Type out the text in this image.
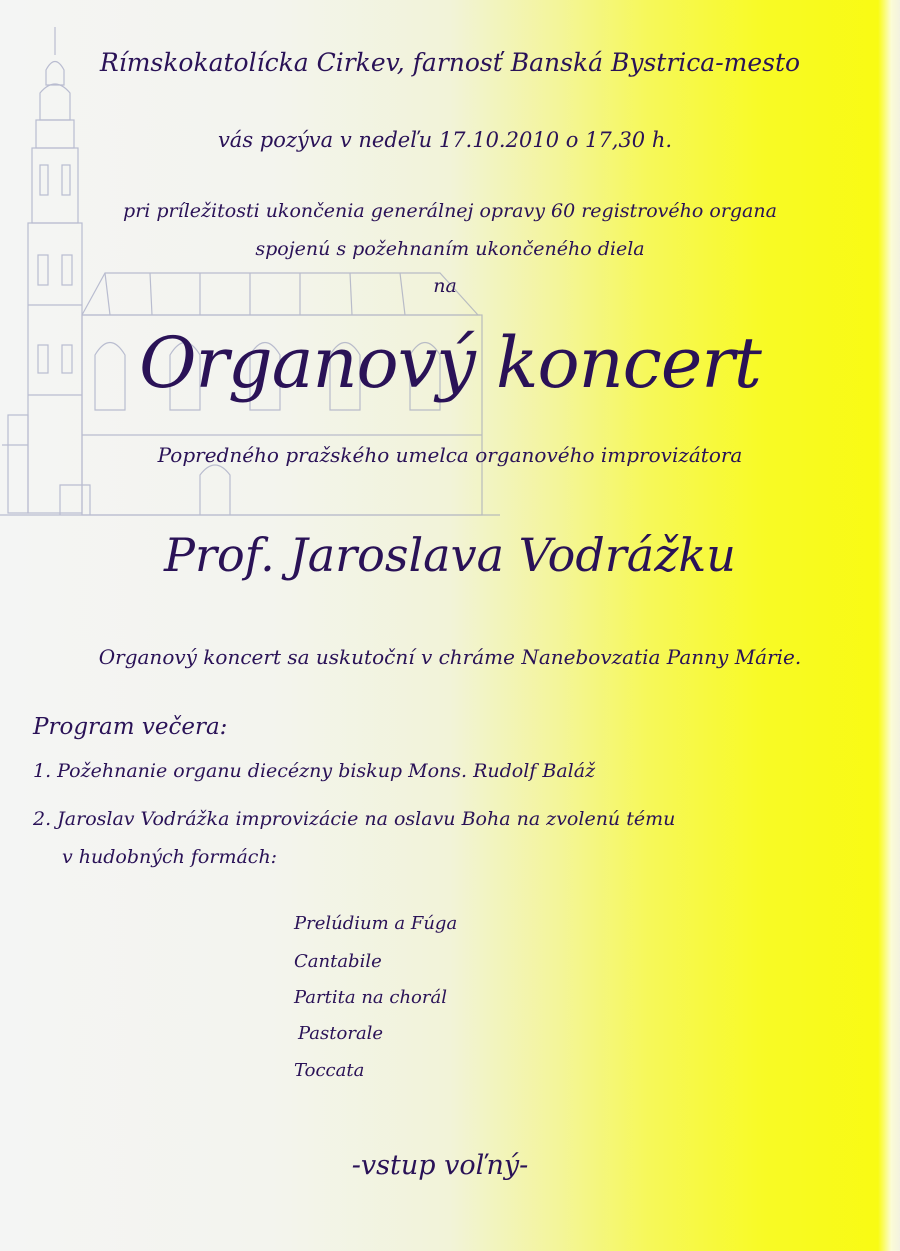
Rímskokatolícka Cirkev, farnosť Banská Bystrica-mesto

vás pozýva v nedeľu 17.10.2010 o 17,30 h.

pri príležitosti ukončenia generálnej opravy 60 registrového organa

spojenú s požehnaním ukončeného diela

na

Organový koncert

Popredného pražského umelca organového improvizátora

Prof. Jaroslava Vodrážku

Organový koncert sa uskutoční v chráme Nanebovzatia Panny Márie.

Program večera:

1. Požehnanie organu diecézny biskup Mons. Rudolf Baláž

2. Jaroslav Vodrážka improvizácie na oslavu Boha na zvolenú tému

v hudobných formách:

Prelúdium a Fúga

Cantabile

Partita na chorál

Pastorale

Toccata

-vstup voľný-
